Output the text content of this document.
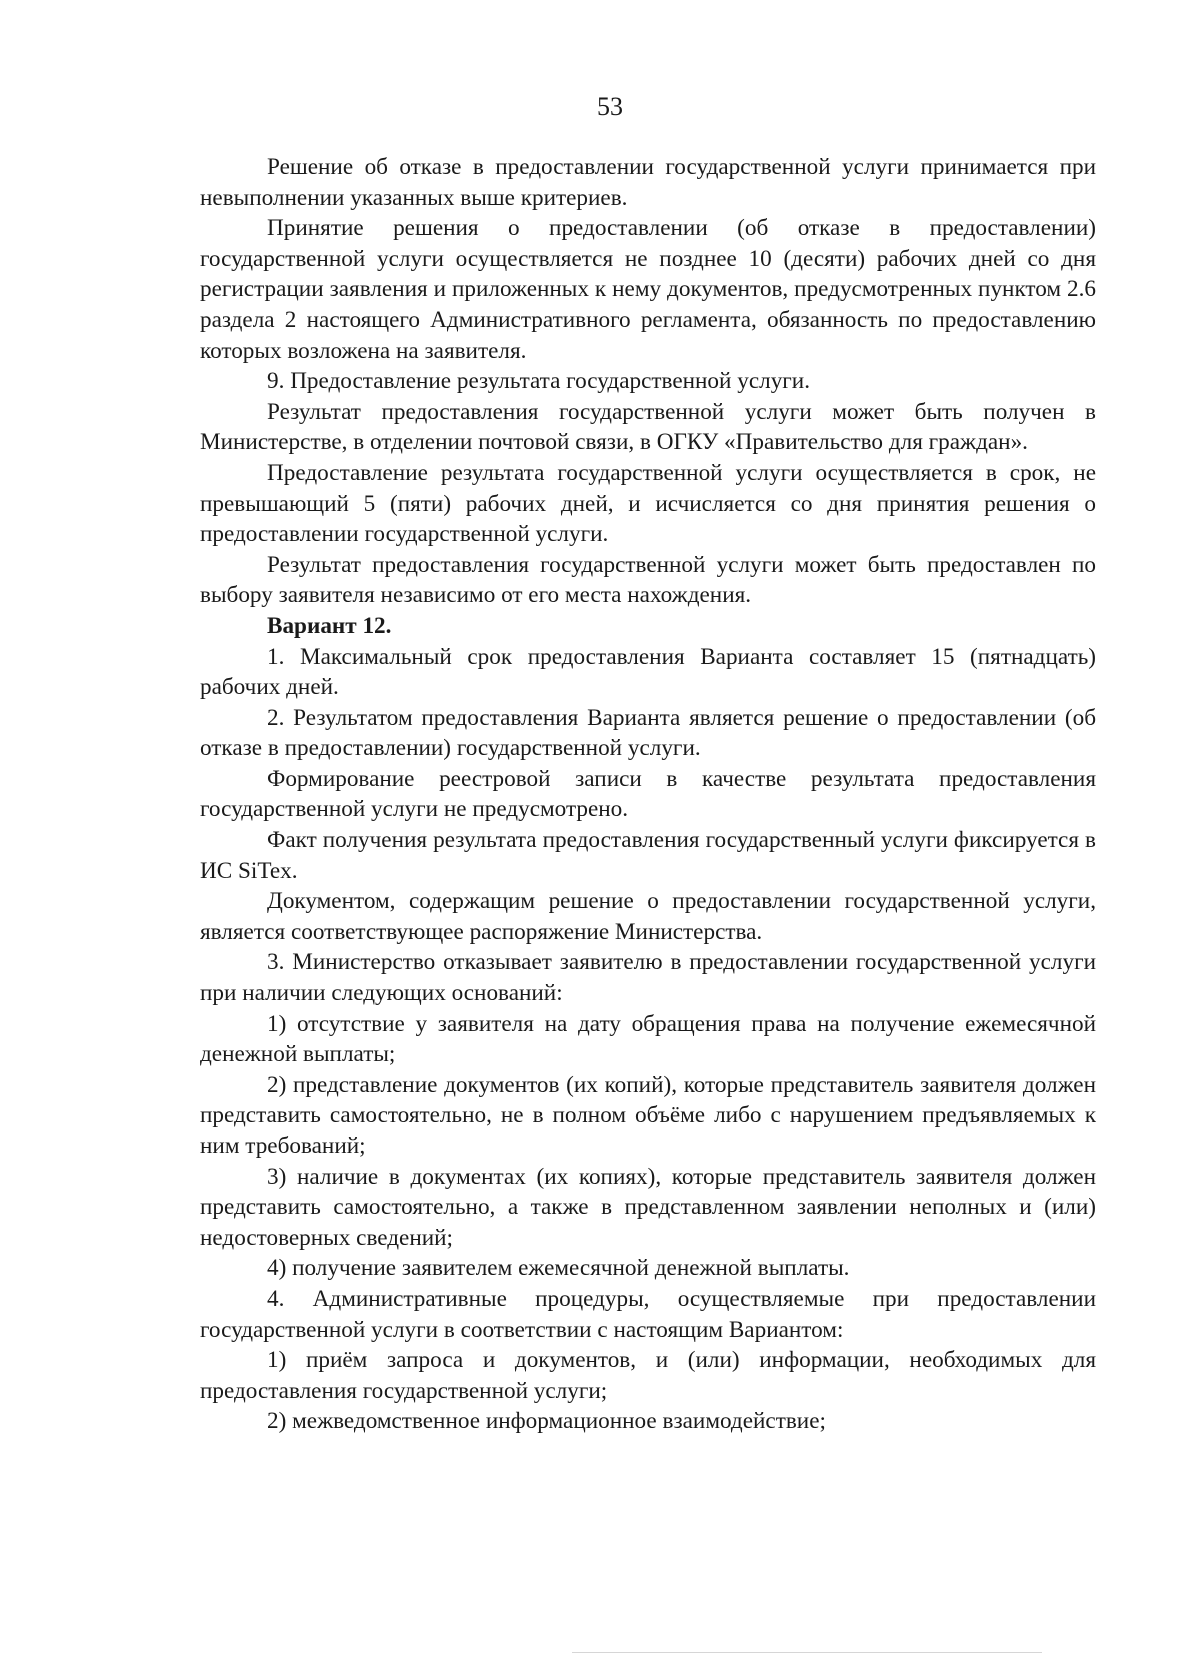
53

Решение об отказе в предоставлении государственной услуги принимается при невыполнении указанных выше критериев.

Принятие решения о предоставлении (об отказе в предоставлении) государственной услуги осуществляется не позднее 10 (десяти) рабочих дней со дня регистрации заявления и приложенных к нему документов, предусмотренных пунктом 2.6 раздела 2 настоящего Административного регламента, обязанность по предоставлению которых возложена на заявителя.

9. Предоставление результата государственной услуги.

Результат предоставления государственной услуги может быть получен в Министерстве, в отделении почтовой связи, в ОГКУ «Правительство для граждан».

Предоставление результата государственной услуги осуществляется в срок, не превышающий 5 (пяти) рабочих дней, и исчисляется со дня принятия решения о предоставлении государственной услуги.

Результат предоставления государственной услуги может быть предоставлен по выбору заявителя независимо от его места нахождения.

Вариант 12.

1. Максимальный срок предоставления Варианта составляет 15 (пятнадцать) рабочих дней.

2. Результатом предоставления Варианта является решение о предоставлении (об отказе в предоставлении) государственной услуги.

Формирование реестровой записи в качестве результата предоставления государственной услуги не предусмотрено.

Факт получения результата предоставления государственный услуги фиксируется в ИС SiTex.

Документом, содержащим решение о предоставлении государственной услуги, является соответствующее распоряжение Министерства.

3. Министерство отказывает заявителю в предоставлении государственной услуги при наличии следующих оснований:

1) отсутствие у заявителя на дату обращения права на получение ежемесячной денежной выплаты;

2) представление документов (их копий), которые представитель заявителя должен представить самостоятельно, не в полном объёме либо с нарушением предъявляемых к ним требований;

3) наличие в документах (их копиях), которые представитель заявителя должен представить самостоятельно, а также в представленном заявлении неполных и (или) недостоверных сведений;

4) получение заявителем ежемесячной денежной выплаты.

4. Административные процедуры, осуществляемые при предоставлении государственной услуги в соответствии с настоящим Вариантом:

1) приём запроса и документов, и (или) информации, необходимых для предоставления государственной услуги;

2) межведомственное информационное взаимодействие;
